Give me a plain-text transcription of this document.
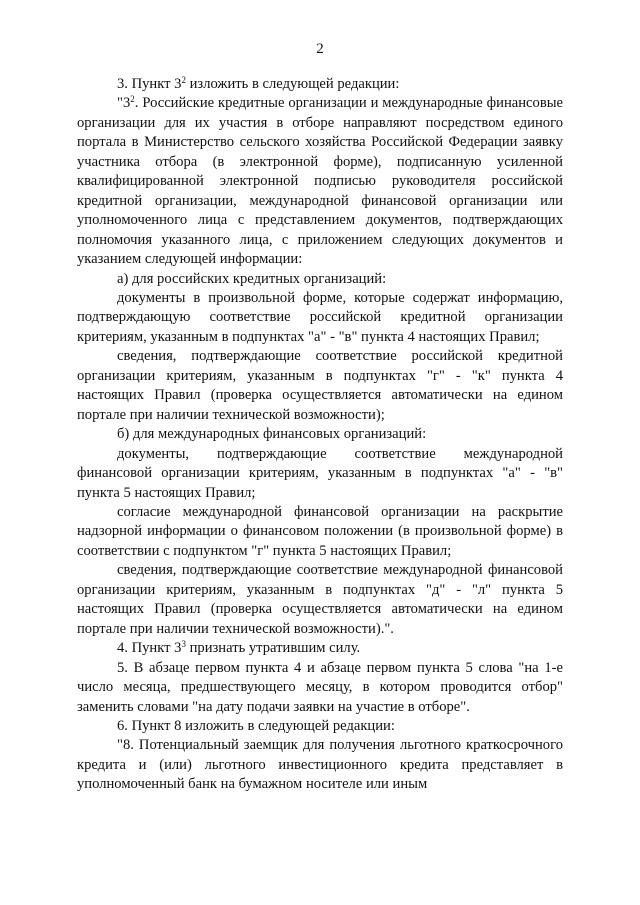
2

3. Пункт $3^2$ изложить в следующей редакции:

"$3^2$. Российские кредитные организации и международные финансовые организации для их участия в отборе направляют посредством единого портала в Министерство сельского хозяйства Российской Федерации заявку участника отбора (в электронной форме), подписанную усиленной квалифицированной электронной подписью руководителя российской кредитной организации, международной финансовой организации или уполномоченного лица с представлением документов, подтверждающих полномочия указанного лица, с приложением следующих документов и указанием следующей информации:

а) для российских кредитных организаций:

документы в произвольной форме, которые содержат информацию, подтверждающую соответствие российской кредитной организации критериям, указанным в подпунктах "а" - "в" пункта 4 настоящих Правил;

сведения, подтверждающие соответствие российской кредитной организации критериям, указанным в подпунктах "г" - "к" пункта 4 настоящих Правил (проверка осуществляется автоматически на едином портале при наличии технической возможности);

б) для международных финансовых организаций:

документы, подтверждающие соответствие международной финансовой организации критериям, указанным в подпунктах "а" - "в" пункта 5 настоящих Правил;

согласие международной финансовой организации на раскрытие надзорной информации о финансовом положении (в произвольной форме) в соответствии с подпунктом "г" пункта 5 настоящих Правил;

сведения, подтверждающие соответствие международной финансовой организации критериям, указанным в подпунктах "д" - "л" пункта 5 настоящих Правил (проверка осуществляется автоматически на едином портале при наличии технической возможности).".

4. Пункт $3^3$ признать утратившим силу.

5. В абзаце первом пункта 4 и абзаце первом пункта 5 слова "на 1-е число месяца, предшествующего месяцу, в котором проводится отбор" заменить словами "на дату подачи заявки на участие в отборе".

6. Пункт 8 изложить в следующей редакции:

"8. Потенциальный заемщик для получения льготного краткосрочного кредита и (или) льготного инвестиционного кредита представляет в уполномоченный банк на бумажном носителе или иным
